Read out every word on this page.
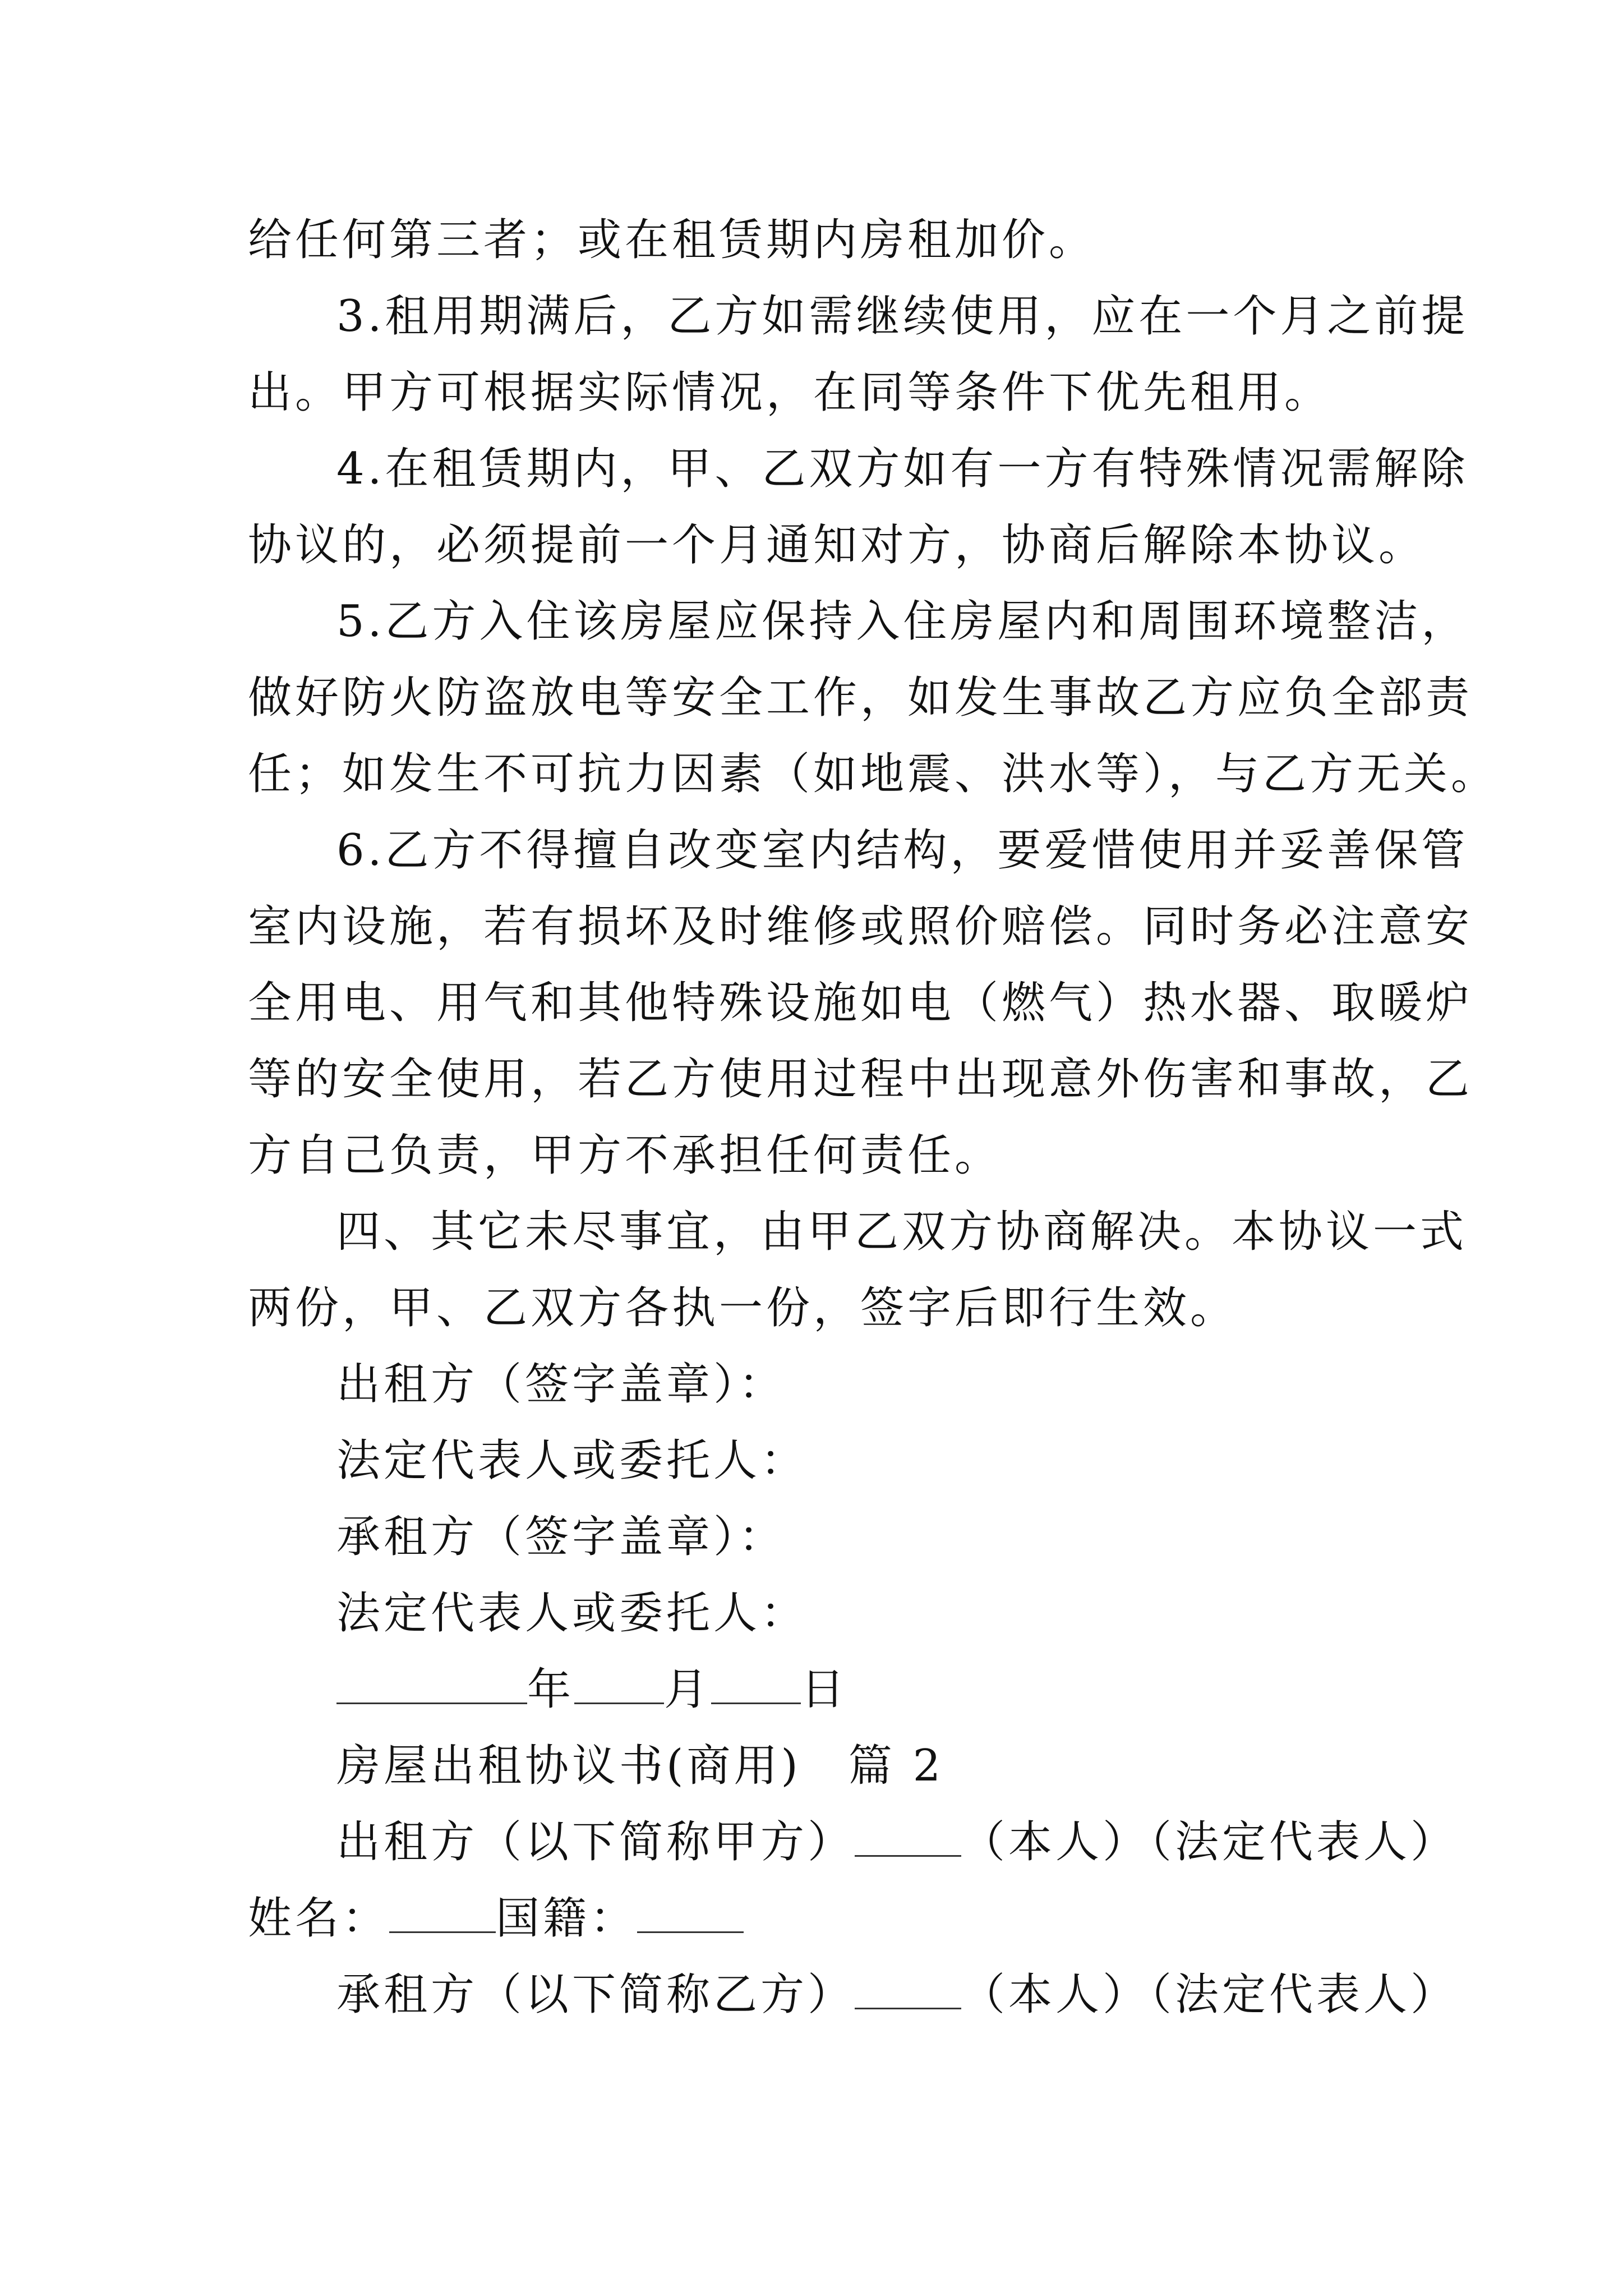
给任何第三者；或在租赁期内房租加价。
3.租用期满后，乙方如需继续使用，应在一个月之前提
出。甲方可根据实际情况，在同等条件下优先租用。
4.在租赁期内，甲、乙双方如有一方有特殊情况需解除
协议的，必须提前一个月通知对方，协商后解除本协议。
5.乙方入住该房屋应保持入住房屋内和周围环境整洁，
做好防火防盗放电等安全工作，如发生事故乙方应负全部责
任；如发生不可抗力因素（如地震、洪水等），与乙方无关。
6.乙方不得擅自改变室内结构，要爱惜使用并妥善保管
室内设施，若有损坏及时维修或照价赔偿。同时务必注意安
全用电、用气和其他特殊设施如电（燃气）热水器、取暖炉
等的安全使用，若乙方使用过程中出现意外伤害和事故，乙
方自己负责，甲方不承担任何责任。
四、其它未尽事宜，由甲乙双方协商解决。本协议一式
两份，甲、乙双方各执一份，签字后即行生效。
出租方（签字盖章）：
法定代表人或委托人：
承租方（签字盖章）：
法定代表人或委托人：
年 月 日
房屋出租协议书(商用)　篇 2
出租方（以下简称甲方） （本人）（法定代表人）
姓名： 国籍：
承租方（以下简称乙方） （本人）（法定代表人）
